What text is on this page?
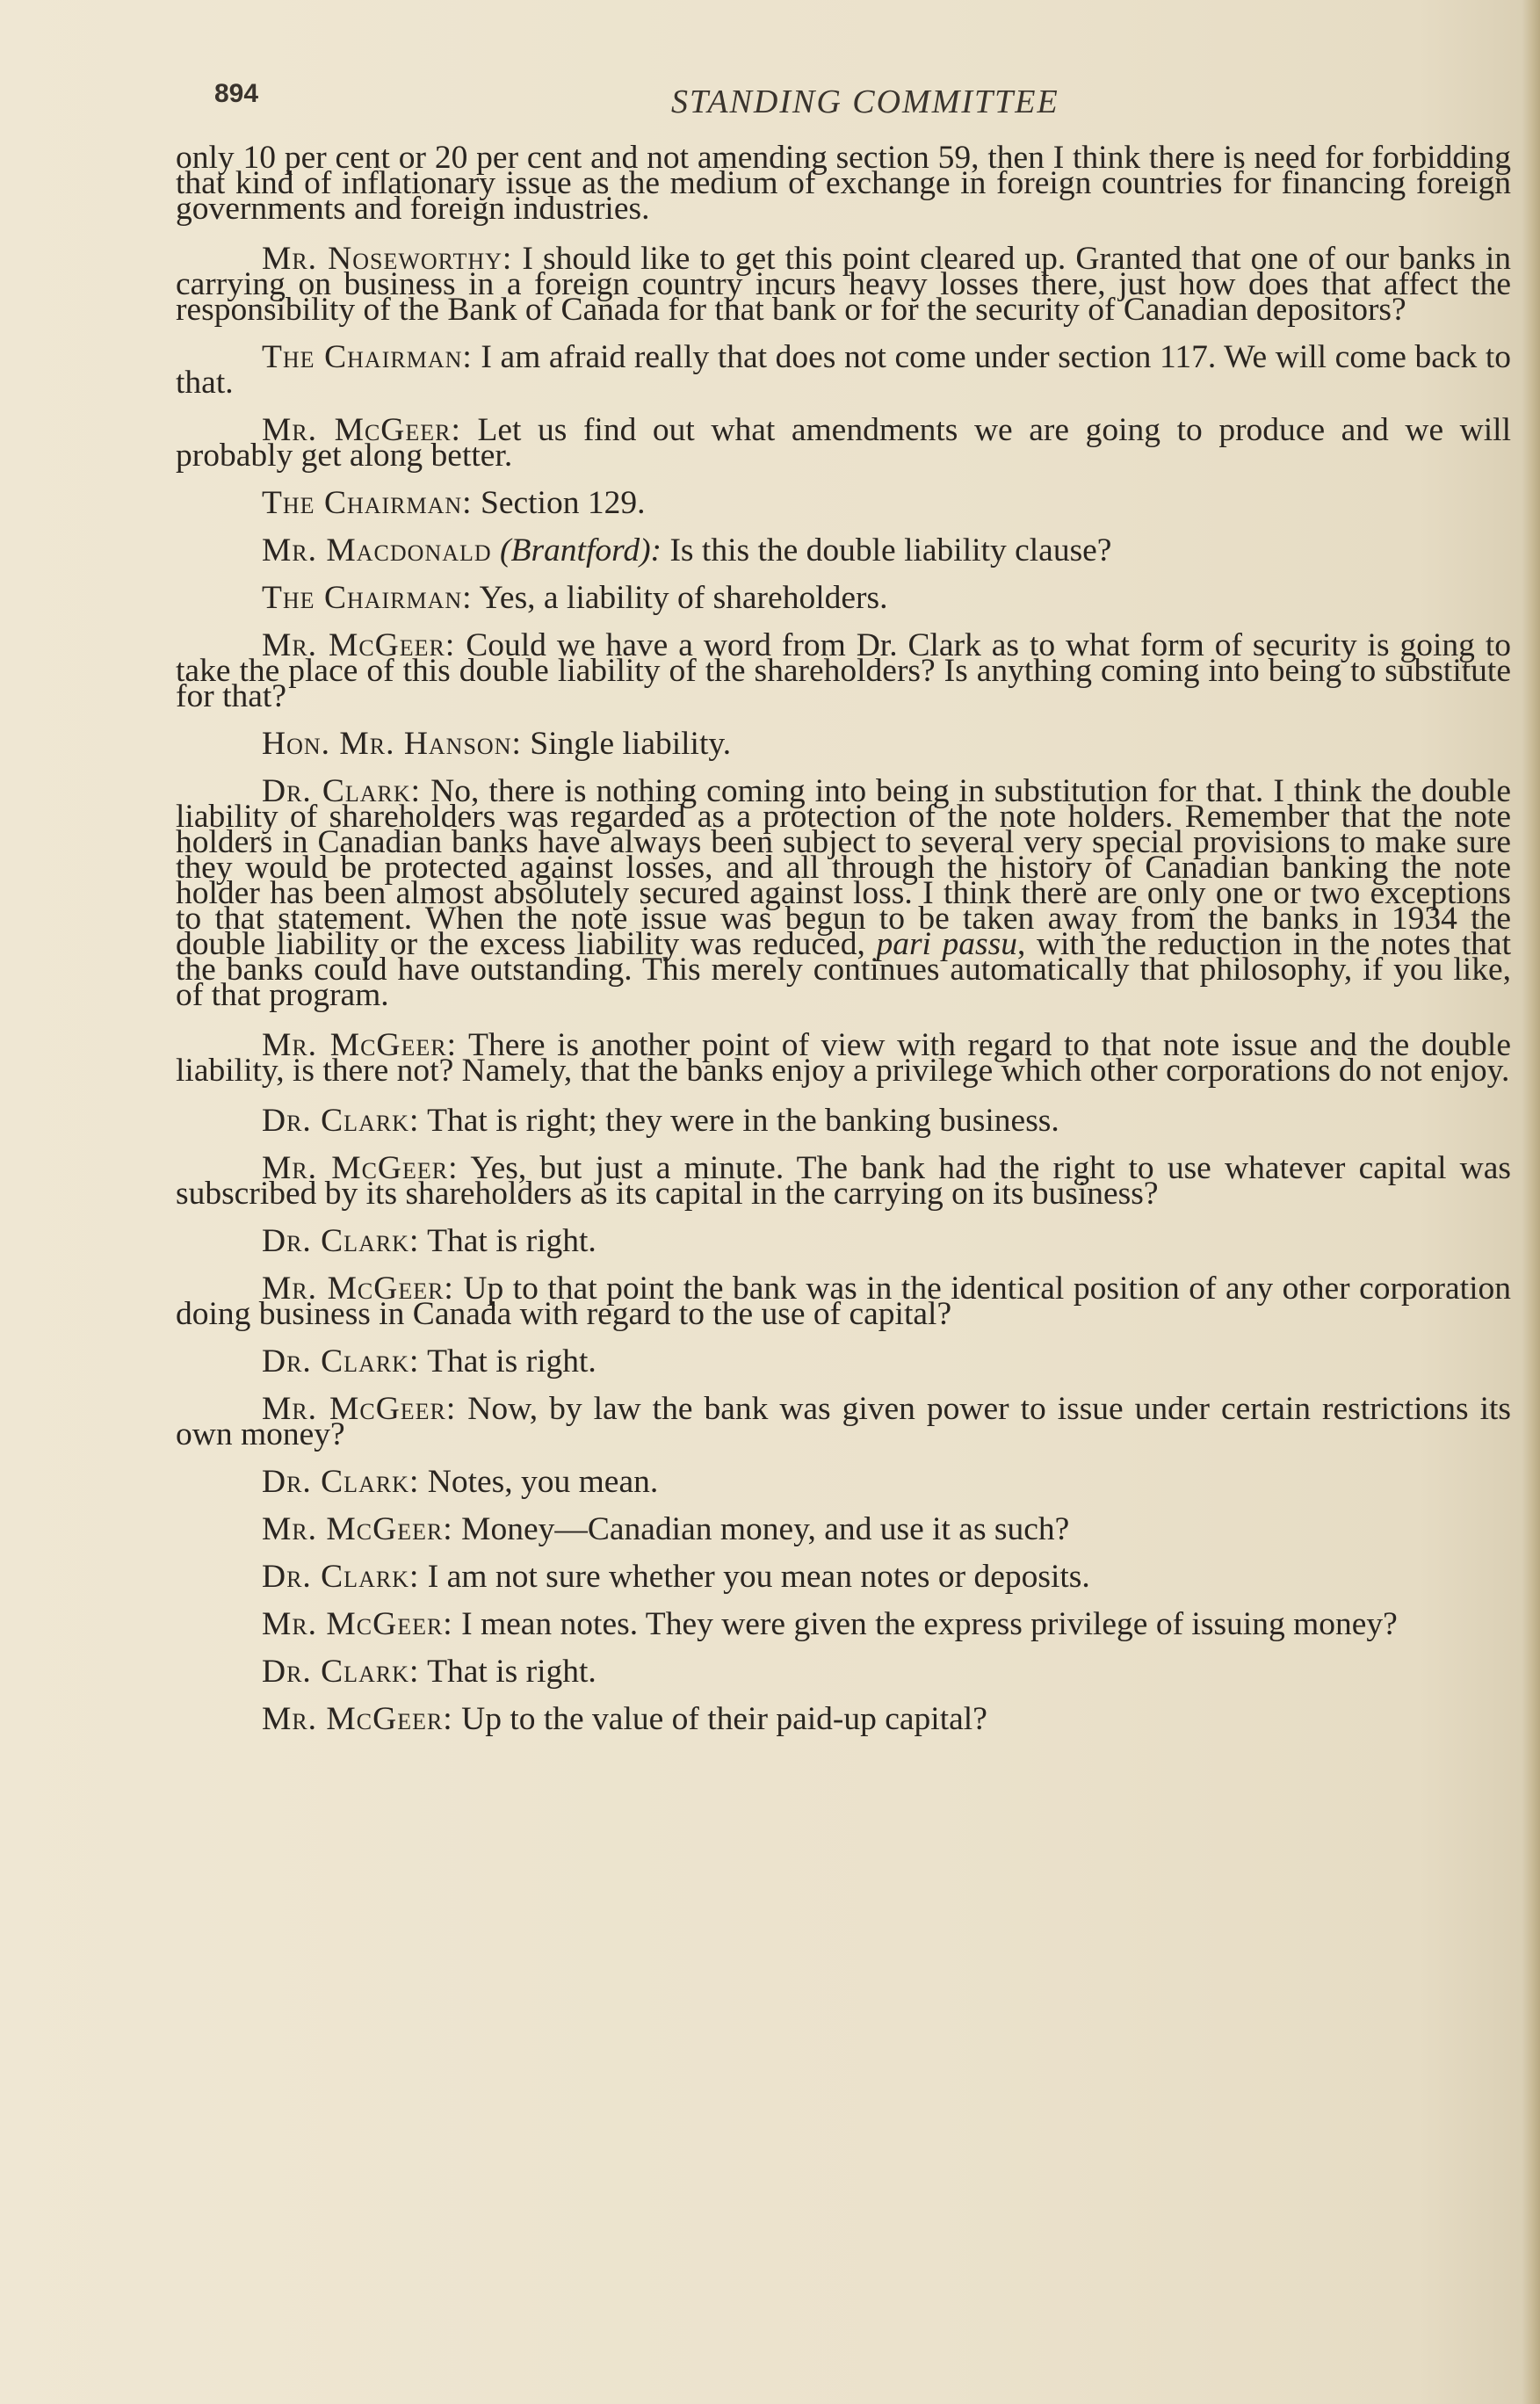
894	STANDING COMMITTEE

only 10 per cent or 20 per cent and not amending section 59, then I think there is need for forbidding that kind of inflationary issue as the medium of exchange in foreign countries for financing foreign governments and foreign industries.

Mr. Noseworthy: I should like to get this point cleared up. Granted that one of our banks in carrying on business in a foreign country incurs heavy losses there, just how does that affect the responsibility of the Bank of Canada for that bank or for the security of Canadian depositors?

The Chairman: I am afraid really that does not come under section 117. We will come back to that.

Mr. McGeer: Let us find out what amendments we are going to produce and we will probably get along better.

The Chairman: Section 129.

Mr. Macdonald (Brantford): Is this the double liability clause?

The Chairman: Yes, a liability of shareholders.

Mr. McGeer: Could we have a word from Dr. Clark as to what form of security is going to take the place of this double liability of the shareholders? Is anything coming into being to substitute for that?

Hon. Mr. Hanson: Single liability.

Dr. Clark: No, there is nothing coming into being in substitution for that. I think the double liability of shareholders was regarded as a protection of the note holders. Remember that the note holders in Canadian banks have always been subject to several very special provisions to make sure they would be protected against losses, and all through the history of Canadian banking the note holder has been almost absolutely secured against loss. I think there are only one or two exceptions to that statement. When the note issue was begun to be taken away from the banks in 1934 the double liability or the excess liability was reduced, pari passu, with the reduction in the notes that the banks could have outstanding. This merely continues automatically that philosophy, if you like, of that program.

Mr. McGeer: There is another point of view with regard to that note issue and the double liability, is there not? Namely, that the banks enjoy a privilege which other corporations do not enjoy.

Dr. Clark: That is right; they were in the banking business.

Mr. McGeer: Yes, but just a minute. The bank had the right to use whatever capital was subscribed by its shareholders as its capital in the carrying on its business?

Dr. Clark: That is right.

Mr. McGeer: Up to that point the bank was in the identical position of any other corporation doing business in Canada with regard to the use of capital?

Dr. Clark: That is right.

Mr. McGeer: Now, by law the bank was given power to issue under certain restrictions its own money?

Dr. Clark: Notes, you mean.

Mr. McGeer: Money—Canadian money, and use it as such?

Dr. Clark: I am not sure whether you mean notes or deposits.

Mr. McGeer: I mean notes. They were given the express privilege of issuing money?

Dr. Clark: That is right.

Mr. McGeer: Up to the value of their paid-up capital?
